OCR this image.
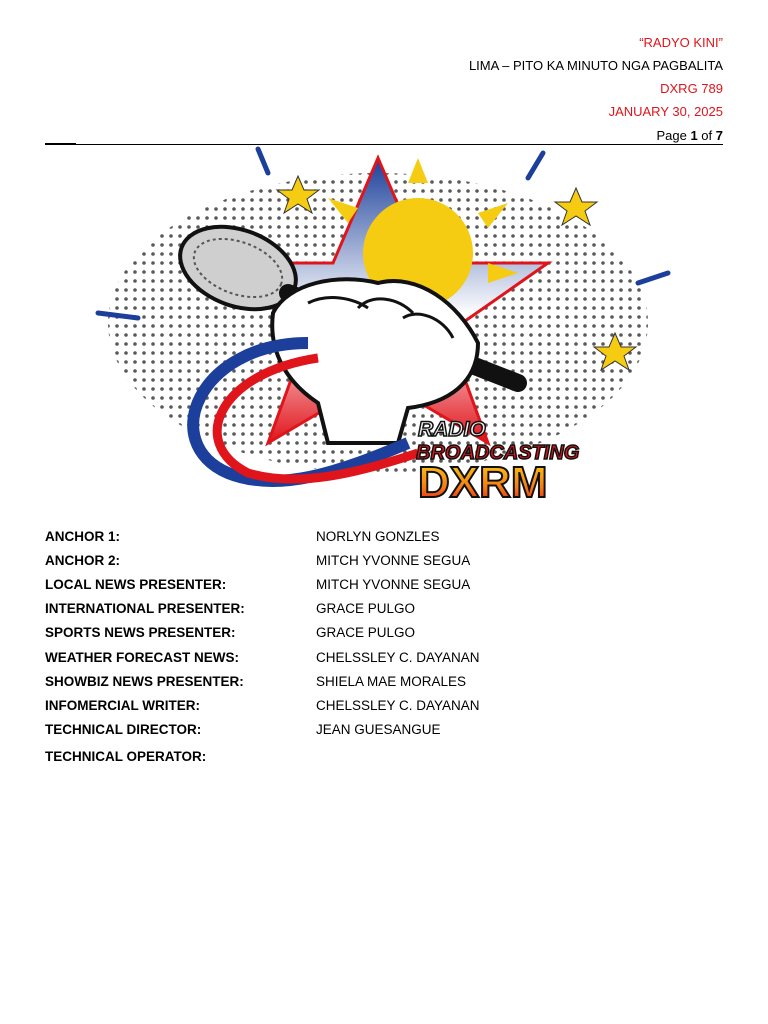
“RADYO KINI”
LIMA – PITO KA MINUTO NGA PAGBALITA
DXRG 789
JANUARY 30, 2025
Page 1 of 7
RADIO
BROADCASTING
DXRM
ANCHOR 1:	NORLYN GONZLES
ANCHOR 2:	MITCH YVONNE SEGUA
LOCAL NEWS PRESENTER:	MITCH YVONNE SEGUA
INTERNATIONAL PRESENTER:	GRACE PULGO
SPORTS NEWS PRESENTER:	GRACE PULGO
WEATHER FORECAST NEWS:	CHELSSLEY C. DAYANAN
SHOWBIZ NEWS PRESENTER:	SHIELA MAE MORALES
INFOMERCIAL WRITER:	CHELSSLEY C. DAYANAN
TECHNICAL DIRECTOR:	JEAN GUESANGUE
TECHNICAL OPERATOR:
